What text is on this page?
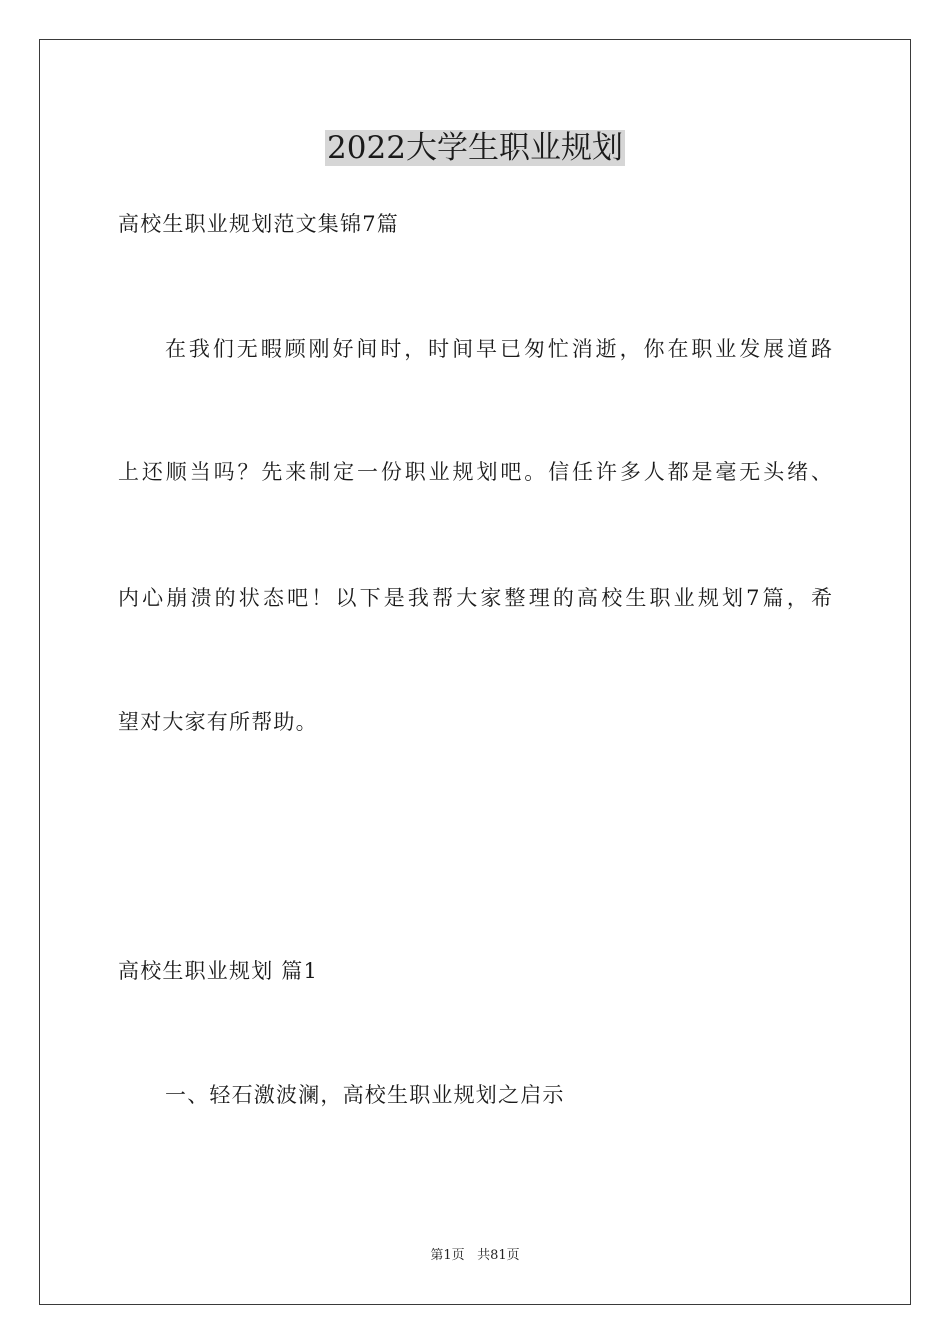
2022大学生职业规划

高校生职业规划范文集锦7篇

在我们无暇顾刚好间时，时间早已匆忙消逝，你在职业发展道路

上还顺当吗？先来制定一份职业规划吧。信任许多人都是毫无头绪、

内心崩溃的状态吧！以下是我帮大家整理的高校生职业规划7篇，希

望对大家有所帮助。

高校生职业规划 篇1

一、轻石激波澜，高校生职业规划之启示

第1页 共81页
